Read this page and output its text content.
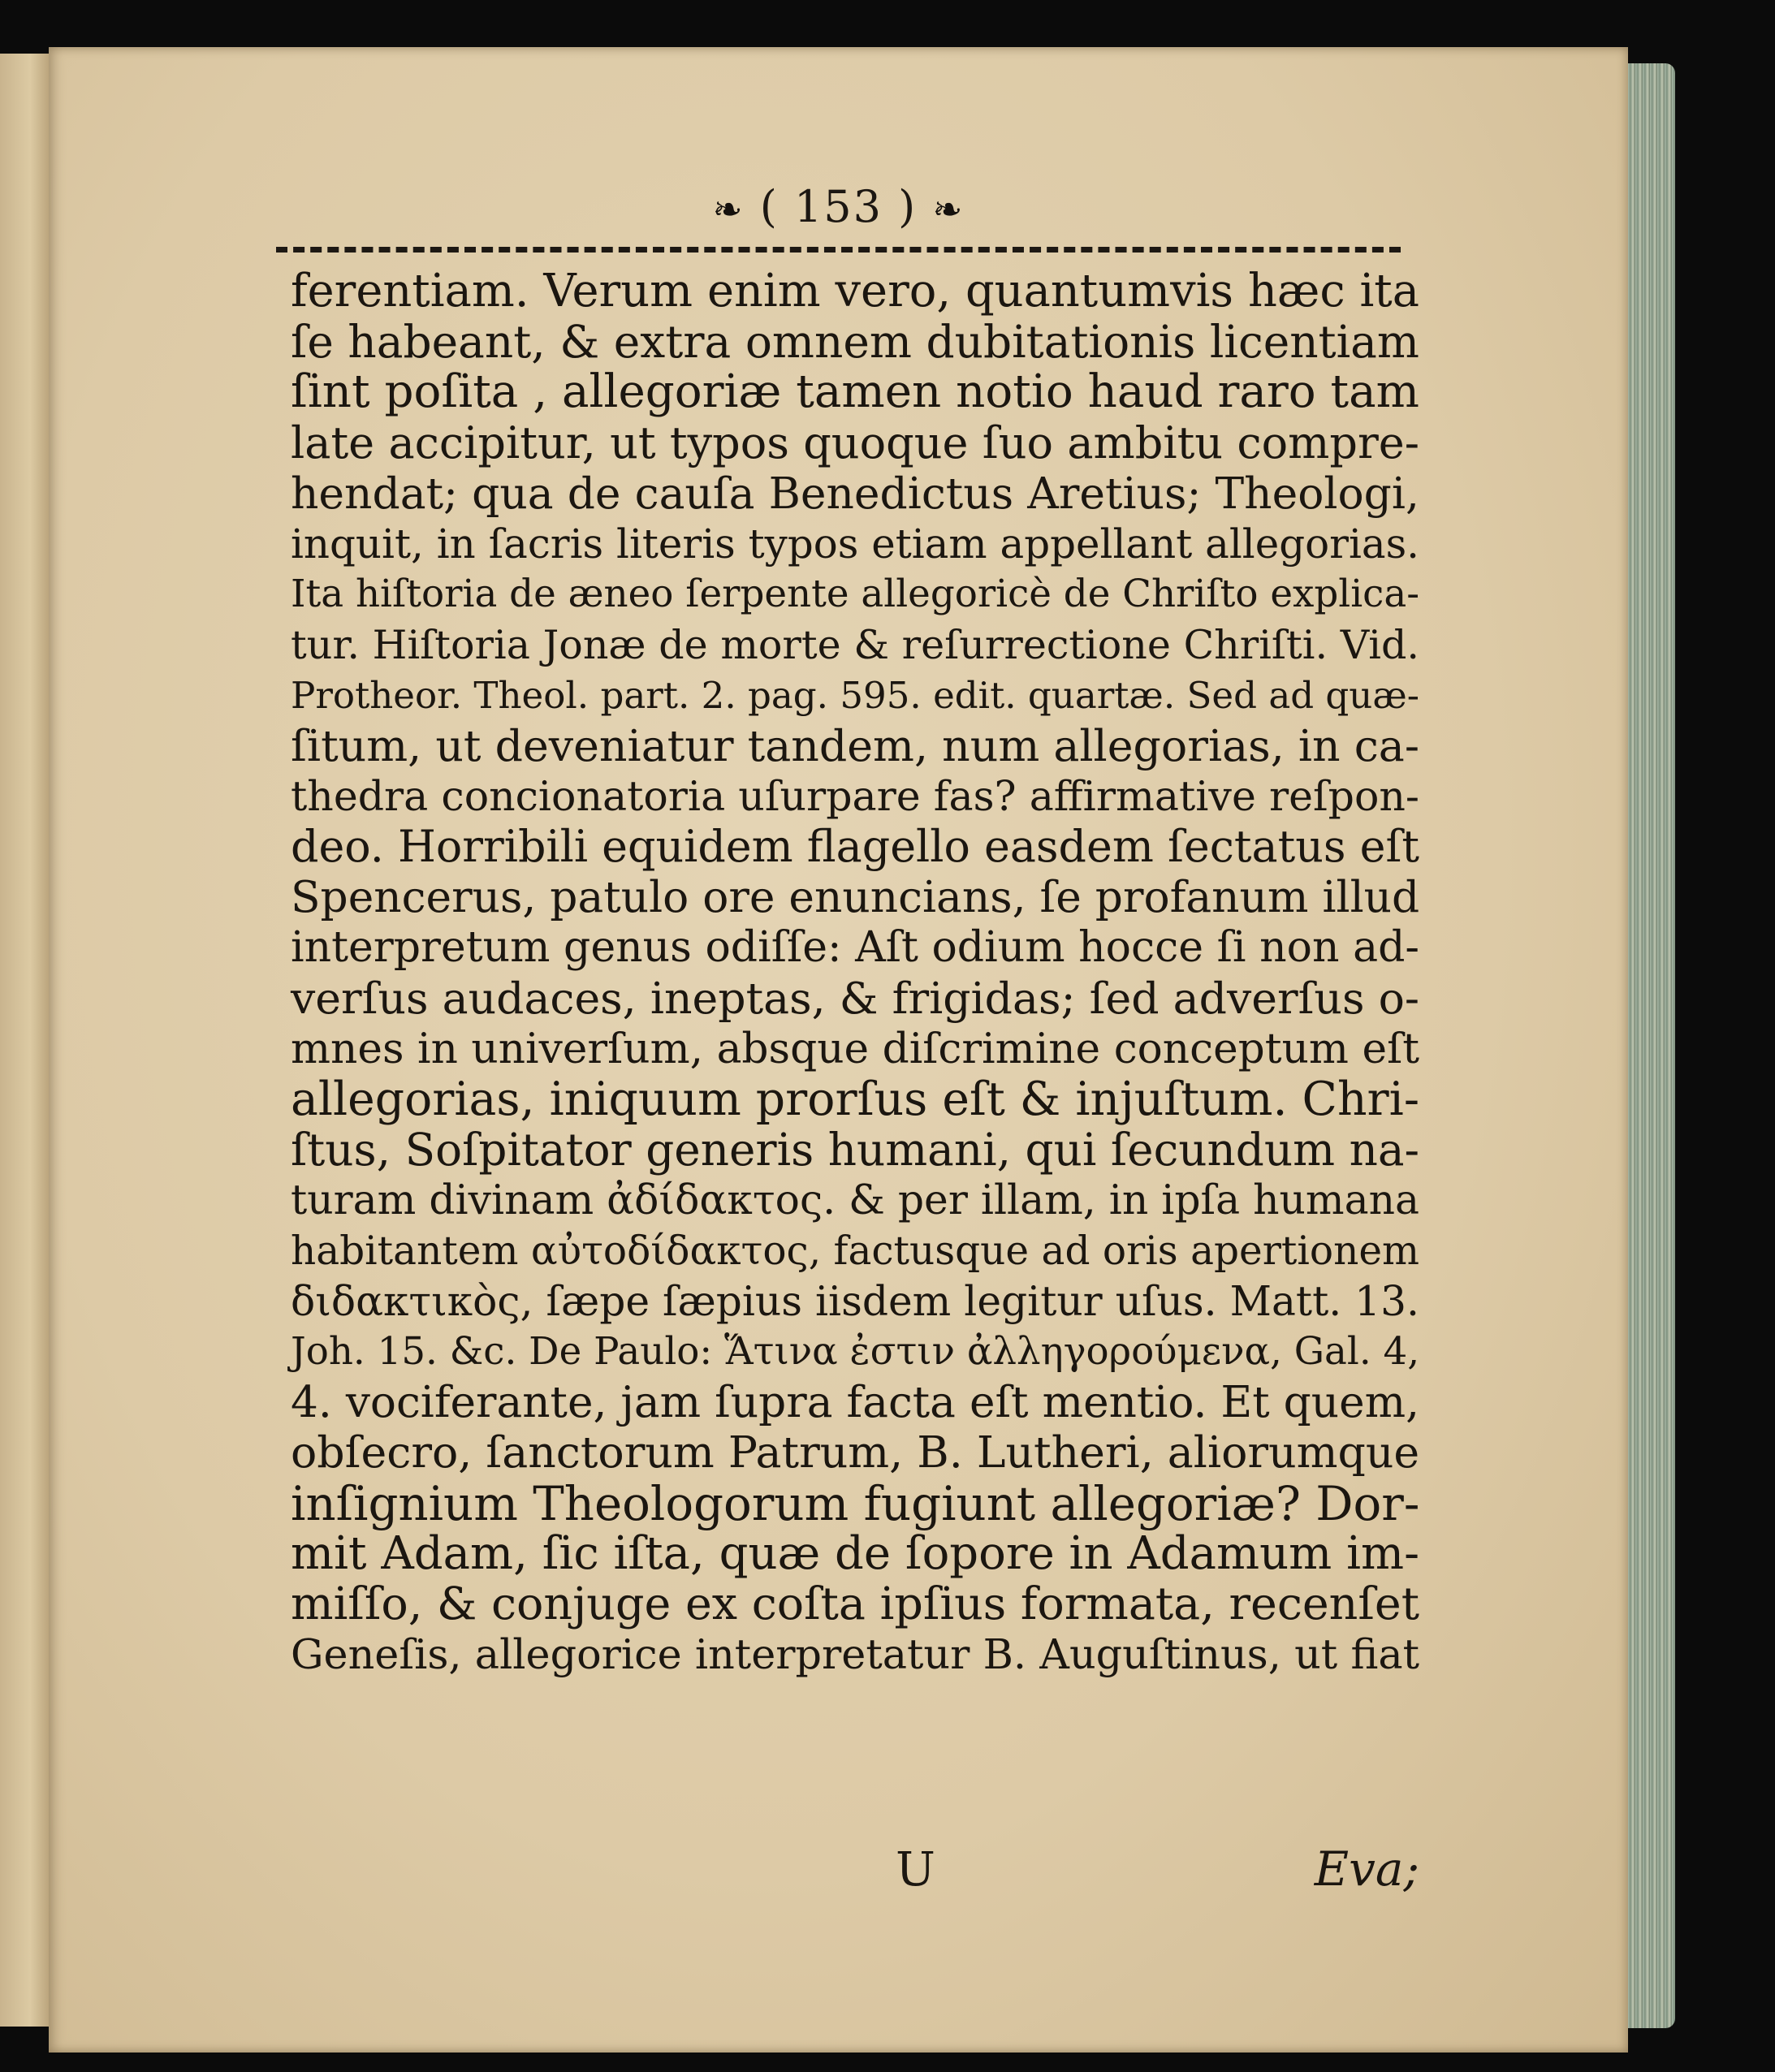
❧ ( 153 ) ❧
ferentiam. Verum enim vero, quantumvis hæc ita
ſe habeant, & extra omnem dubitationis licentiam
ſint poſita , allegoriæ tamen notio haud raro tam
late accipitur, ut typos quoque ſuo ambitu compre-
hendat; qua de cauſa Benedictus Aretius; Theologi,
inquit, in ſacris literis typos etiam appellant allegorias.
Ita hiſtoria de æneo ſerpente allegoricè de Chriſto explica-
tur. Hiſtoria Jonæ de morte & reſurrectione Chriſti. Vid.
Protheor. Theol. part. 2. pag. 595. edit. quartæ. Sed ad quæ-
ſitum, ut deveniatur tandem, num allegorias, in ca-
thedra concionatoria uſurpare fas? affirmative reſpon-
deo. Horribili equidem flagello easdem ſectatus eſt
Spencerus, patulo ore enuncians, ſe profanum illud
interpretum genus odiſſe: Aſt odium hocce ſi non ad-
verſus audaces, ineptas, & frigidas; ſed adverſus o-
mnes in univerſum, absque diſcrimine conceptum eſt
allegorias, iniquum prorſus eſt & injuſtum. Chri-
ſtus, Soſpitator generis humani, qui ſecundum na-
turam divinam ἀδίδακτος. & per illam, in ipſa humana
habitantem αὐτοδίδακτος, factusque ad oris apertionem
διδακτικὸς, ſæpe ſæpius iisdem legitur uſus. Matt. 13.
Joh. 15. &c. De Paulo: Ἅτινα ἐστιν ἀλληγορούμενα, Gal. 4,
4. vociferante, jam ſupra facta eſt mentio. Et quem,
obſecro, ſanctorum Patrum, B. Lutheri, aliorumque
inſignium Theologorum fugiunt allegoriæ? Dor-
mit Adam, ſic iſta, quæ de ſopore in Adamum im-
miſſo, & conjuge ex coſta ipſius formata, recenſet
Geneſis, allegorice interpretatur B. Auguſtinus, ut fiat
U	Eva;
